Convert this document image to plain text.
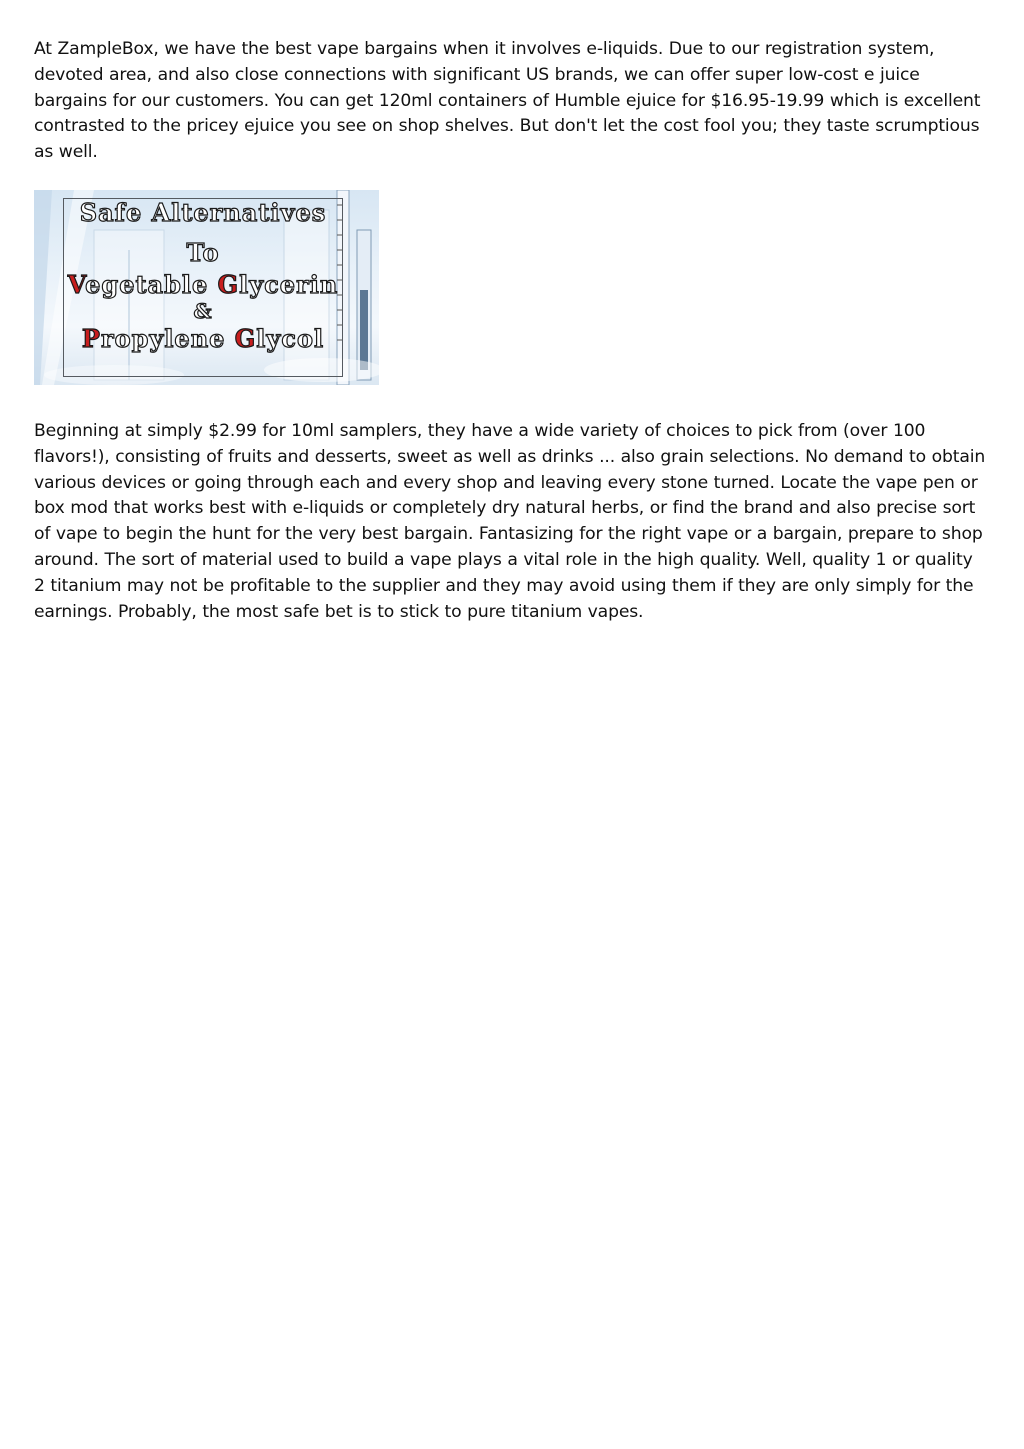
At ZampleBox, we have the best vape bargains when it involves e-liquids. Due to our registration system, devoted area, and also close connections with significant US brands, we can offer super low-cost e juice bargains for our customers. You can get 120ml containers of Humble ejuice for $16.95-19.99 which is excellent contrasted to the pricey ejuice you see on shop shelves. But don't let the cost fool you; they taste scrumptious as well.

Safe Alternatives
To
Vegetable Glycerin
&
Propylene Glycol

Beginning at simply $2.99 for 10ml samplers, they have a wide variety of choices to pick from (over 100 flavors!), consisting of fruits and desserts, sweet as well as drinks ... also grain selections. No demand to obtain various devices or going through each and every shop and leaving every stone turned. Locate the vape pen or box mod that works best with e-liquids or completely dry natural herbs, or find the brand and also precise sort of vape to begin the hunt for the very best bargain. Fantasizing for the right vape or a bargain, prepare to shop around. The sort of material used to build a vape plays a vital role in the high quality. Well, quality 1 or quality 2 titanium may not be profitable to the supplier and they may avoid using them if they are only simply for the earnings. Probably, the most safe bet is to stick to pure titanium vapes.
